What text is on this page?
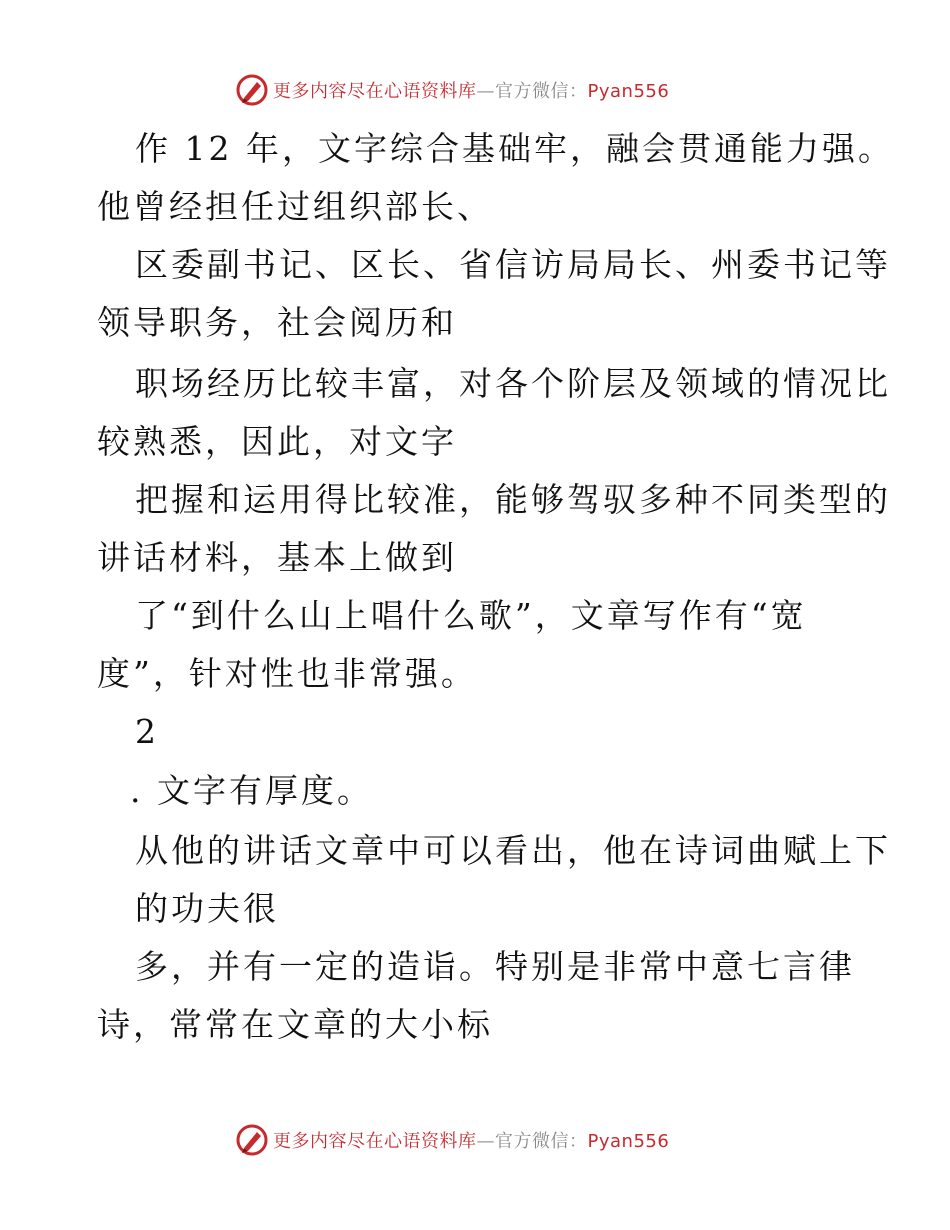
更多内容尽在心语资料库—官方微信：Pyan556
作 12 年，文字综合基础牢，融会贯通能力强。
他曾经担任过组织部长、
区委副书记、区长、省信访局局长、州委书记等
领导职务，社会阅历和
职场经历比较丰富，对各个阶层及领域的情况比
较熟悉，因此，对文字
把握和运用得比较准，能够驾驭多种不同类型的
讲话材料，基本上做到
了“到什么山上唱什么歌”，文章写作有“宽
度”，针对性也非常强。
2
. 文字有厚度。
从他的讲话文章中可以看出，他在诗词曲赋上下
的功夫很
多，并有一定的造诣。特别是非常中意七言律
诗，常常在文章的大小标
更多内容尽在心语资料库—官方微信：Pyan556
